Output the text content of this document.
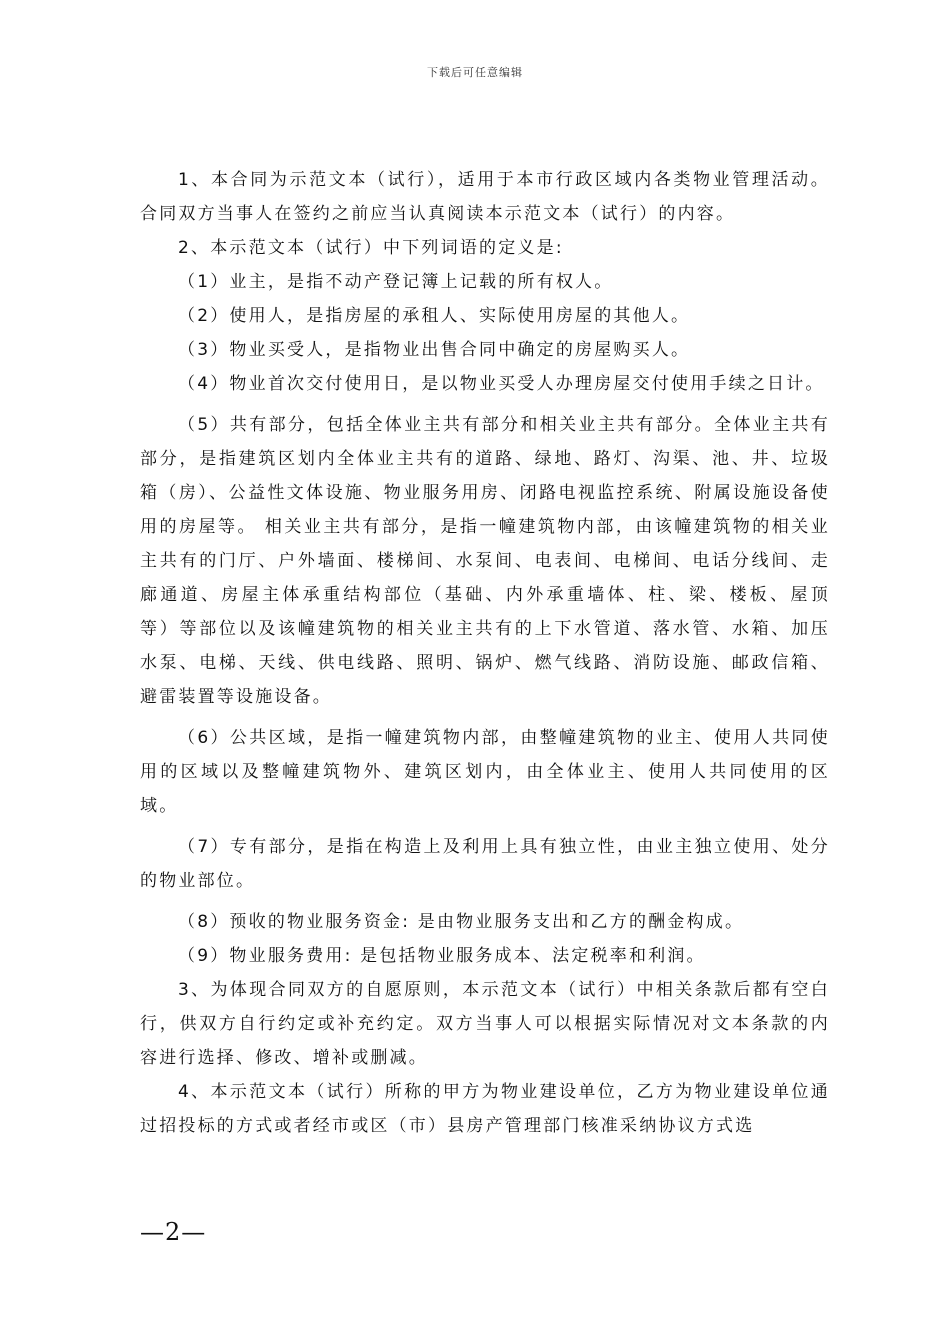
下载后可任意编辑

1、本合同为示范文本（试行），适用于本市行政区域内各类物业管理活动。合同双方当事人在签约之前应当认真阅读本示范文本（试行）的内容。

2、本示范文本（试行）中下列词语的定义是:

（1）业主，是指不动产登记簿上记载的所有权人。

（2）使用人，是指房屋的承租人、实际使用房屋的其他人。

（3）物业买受人，是指物业出售合同中确定的房屋购买人。

（4）物业首次交付使用日，是以物业买受人办理房屋交付使用手续之日计。

（5）共有部分，包括全体业主共有部分和相关业主共有部分。全体业主共有部分，是指建筑区划内全体业主共有的道路、绿地、路灯、沟渠、池、井、垃圾箱（房）、公益性文体设施、物业服务用房、闭路电视监控系统、附属设施设备使用的房屋等。 相关业主共有部分，是指一幢建筑物内部，由该幢建筑物的相关业主共有的门厅、户外墙面、楼梯间、水泵间、电表间、电梯间、电话分线间、走廊通道、房屋主体承重结构部位（基础、内外承重墙体、柱、梁、楼板、屋顶　等）等部位以及该幢建筑物的相关业主共有的上下水管道、落水管、水箱、加压水泵、电梯、天线、供电线路、照明、锅炉、燃气线路、消防设施、邮政信箱、避雷装置等设施设备。

（6）公共区域，是指一幢建筑物内部，由整幢建筑物的业主、使用人共同使用的区域以及整幢建筑物外、建筑区划内，由全体业主、使用人共同使用的区域。

（7）专有部分，是指在构造上及利用上具有独立性，由业主独立使用、处分的物业部位。

（8）预收的物业服务资金: 是由物业服务支出和乙方的酬金构成。

（9）物业服务费用: 是包括物业服务成本、法定税率和利润。

3、为体现合同双方的自愿原则，本示范文本（试行）中相关条款后都有空白行，供双方自行约定或补充约定。双方当事人可以根据实际情况对文本条款的内容进行选择、修改、增补或删减。

4、本示范文本（试行）所称的甲方为物业建设单位，乙方为物业建设单位通过招投标的方式或者经市或区（市）县房产管理部门核准采纳协议方式选

—2—
